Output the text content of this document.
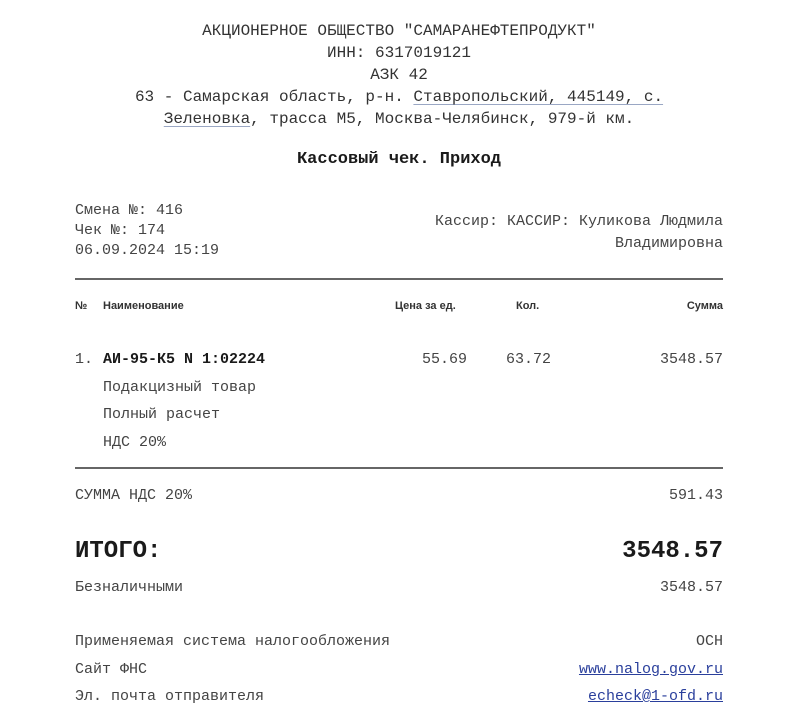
АКЦИОНЕРНОЕ ОБЩЕСТВО "САМАРАНЕФТЕПРОДУКТ"
ИНН: 6317019121
АЗК 42
63 - Самарская область, р-н. Ставропольский, 445149, с.
Зеленовка, трасса М5, Москва-Челябинск, 979-й км.
Кассовый чек. Приход
Смена №: 416
Чек №: 174
06.09.2024 15:19
Кассир: КАССИР: Куликова Людмила
Владимировна
№ Наименование	Цена за ед.	Кол.	Сумма
1. АИ-95-К5 N 1:02224	55.69	63.72	3548.57
Подакцизный товар
Полный расчет
НДС 20%
СУММА НДС 20%	591.43
ИТОГО:	3548.57
Безналичными	3548.57
Применяемая система налогообложения	ОСН
Сайт ФНС	www.nalog.gov.ru
Эл. почта отправителя	echeck@1-ofd.ru
